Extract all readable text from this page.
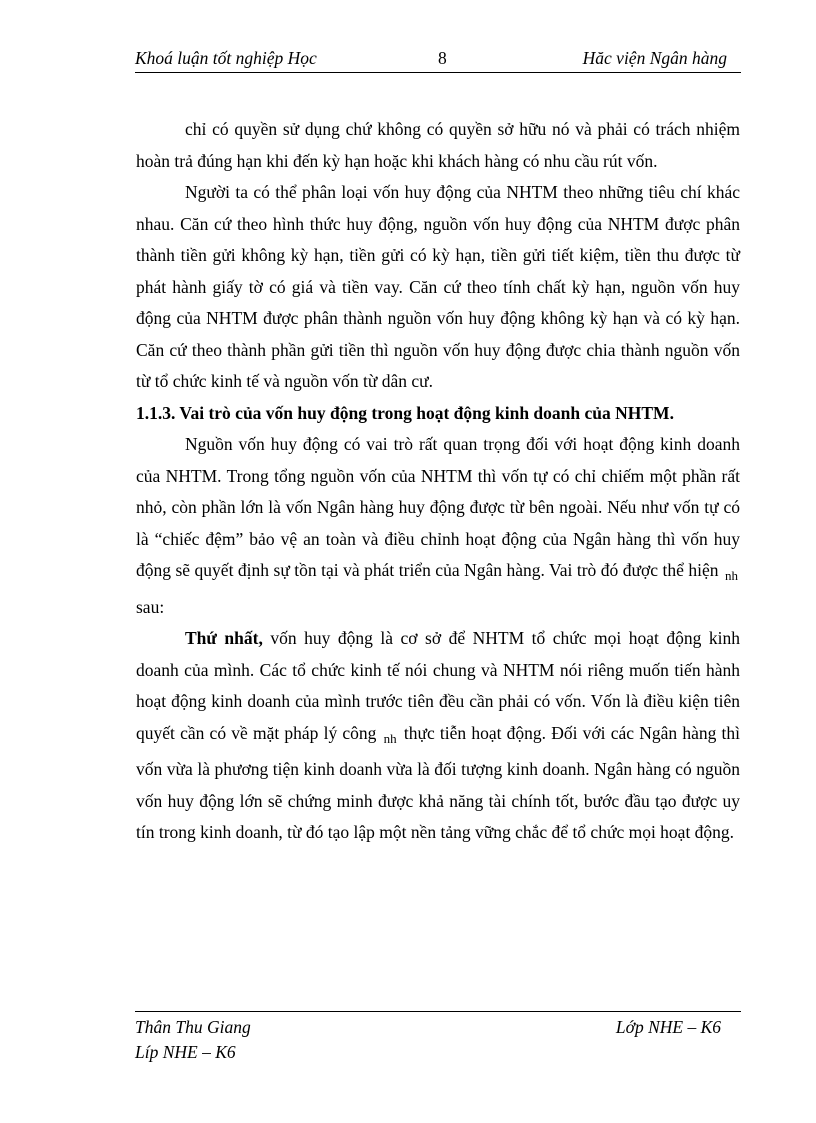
Khoá luận tốt nghiệp Học	8	Hăc viện Ngân hàng

chỉ có quyền sử dụng chứ không có quyền sở hữu nó và phải có trách nhiệm hoàn trả đúng hạn khi đến kỳ hạn hoặc khi khách hàng có nhu cầu rút vốn.

Người ta có thể phân loại vốn huy động của NHTM theo những tiêu chí khác nhau. Căn cứ theo hình thức huy động, nguồn vốn huy động của NHTM được phân thành tiền gửi không kỳ hạn, tiền gửi có kỳ hạn, tiền gửi tiết kiệm, tiền thu được từ phát hành giấy tờ có giá và tiền vay. Căn cứ theo tính chất kỳ hạn, nguồn vốn huy động của NHTM được phân thành nguồn vốn huy động không kỳ hạn và có kỳ hạn. Căn cứ theo thành phần gửi tiền thì nguồn vốn huy động được chia thành nguồn vốn từ tổ chức kinh tế và nguồn vốn từ dân cư.

1.1.3. Vai trò của vốn huy động trong hoạt động kinh doanh của NHTM.

Nguồn vốn huy động có vai trò rất quan trọng đối với hoạt động kinh doanh của NHTM. Trong tổng nguồn vốn của NHTM thì vốn tự có chỉ chiếm một phần rất nhỏ, còn phần lớn là vốn Ngân hàng huy động được từ bên ngoài. Nếu như vốn tự có là “chiếc đệm” bảo vệ an toàn và điều chỉnh hoạt động của Ngân hàng thì vốn huy động sẽ quyết định sự tồn tại và phát triển của Ngân hàng. Vai trò đó được thể hiện $_{nh}$ sau:

Thứ nhất, vốn huy động là cơ sở để NHTM tổ chức mọi hoạt động kinh doanh của mình. Các tổ chức kinh tế nói chung và NHTM nói riêng muốn tiến hành hoạt động kinh doanh của mình trước tiên đều cần phải có vốn. Vốn là điều kiện tiên quyết cần có về mặt pháp lý công $_{nh}$ thực tiễn hoạt động. Đối với các Ngân hàng thì vốn vừa là phương tiện kinh doanh vừa là đối tượng kinh doanh. Ngân hàng có nguồn vốn huy động lớn sẽ chứng minh được khả năng tài chính tốt, bước đầu tạo được uy tín trong kinh doanh, từ đó tạo lập một nền tảng vững chắc để tổ chức mọi hoạt động.

Thân Thu Giang	Lớp NHE – K6
Líp NHE – K6
